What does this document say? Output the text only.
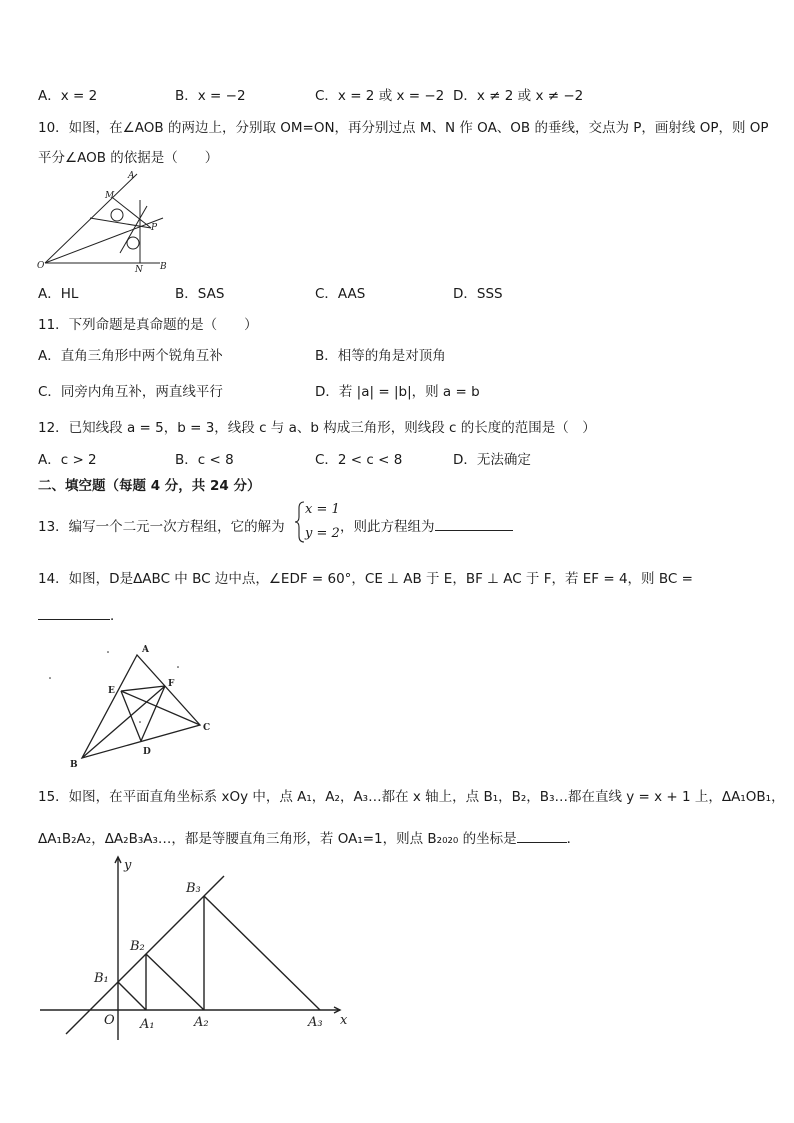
A．x = 2	B．x = −2	C．x = 2 或 x = −2 D．x ≠ 2 或 x ≠ −2
10．如图，在∠AOB 的两边上，分别取 OM=ON，再分别过点 M、N 作 OA、OB 的垂线，交点为 P，画射线 OP，则 OP
平分∠AOB 的依据是（　　）
M
A
P
O	N B
A．HL	B．SAS	C．AAS	D．SSS
11．下列命题是真命题的是（　　）
A．直角三角形中两个锐角互补	B．相等的角是对顶角
C．同旁内角互补，两直线平行	D．若 |a| = |b|，则 a = b
12．已知线段 a = 5，b = 3，线段 c 与 a、b 构成三角形，则线段 c 的长度的范围是（　）
A．c > 2	B．c < 8	C．2 < c < 8	D．无法确定
二、填空题（每题 4 分，共 24 分）
13．编写一个二元一次方程组，它的解为
x = 1
y = 2 ，则此方程组为
14．如图，D是ΔABC 中 BC 边中点，∠EDF = 60°，CE ⊥ AB 于 E，BF ⊥ AC 于 F，若 EF = 4，则 BC =
．
A
E
F
C
D
B
15．如图，在平面直角坐标系 xOy 中，点 A₁，A₂，A₃…都在 x 轴上，点 B₁，B₂，B₃…都在直线 y = x + 1 上，ΔA₁OB₁，
ΔA₁B₂A₂，ΔA₂B₃A₃…，都是等腰直角三角形，若 OA₁=1，则点 B₂₀₂₀ 的坐标是	．
y
x
O A₁	A₂	A₃
B₁
B₂
B₃
